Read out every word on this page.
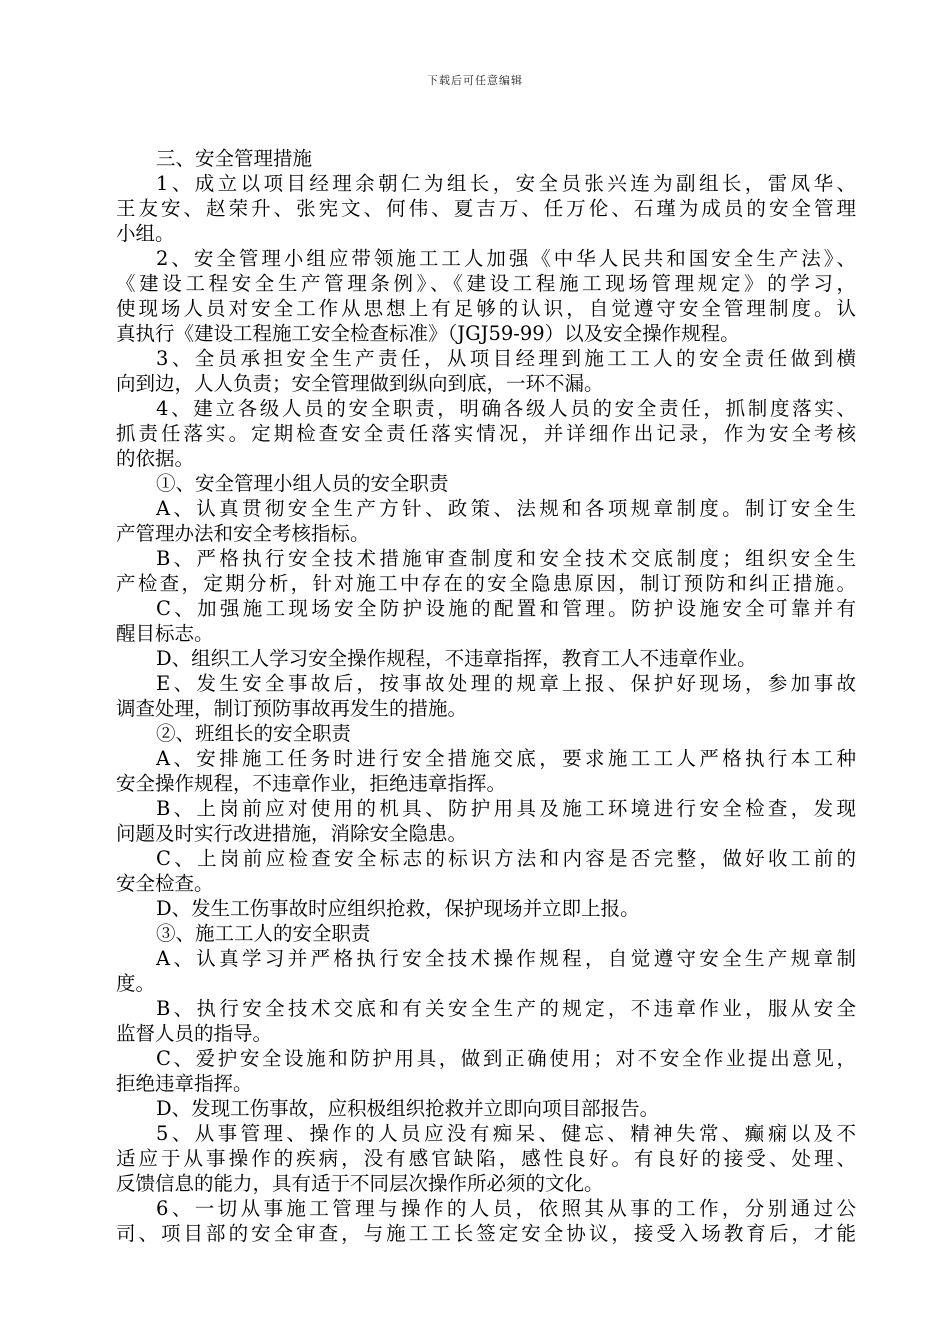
下载后可任意编辑
三、安全管理措施
1、成立以项目经理余朝仁为组长，安全员张兴连为副组长，雷凤华、
王友安、赵荣升、张宪文、何伟、夏吉万、任万伦、石瑾为成员的安全管理
小组。
2、安全管理小组应带领施工工人加强《中华人民共和国安全生产法》、
《建设工程安全生产管理条例》、《建设工程施工现场管理规定》的学习，
使现场人员对安全工作从思想上有足够的认识，自觉遵守安全管理制度。认
真执行《建设工程施工安全检查标准》（JGJ59-99）以及安全操作规程。
3、全员承担安全生产责任，从项目经理到施工工人的安全责任做到横
向到边，人人负责；安全管理做到纵向到底，一环不漏。
4、建立各级人员的安全职责，明确各级人员的安全责任，抓制度落实、
抓责任落实。定期检查安全责任落实情况，并详细作出记录，作为安全考核
的依据。
①、安全管理小组人员的安全职责
A、认真贯彻安全生产方针、政策、法规和各项规章制度。制订安全生
产管理办法和安全考核指标。
B、严格执行安全技术措施审查制度和安全技术交底制度；组织安全生
产检查，定期分析，针对施工中存在的安全隐患原因，制订预防和纠正措施。
C、加强施工现场安全防护设施的配置和管理。防护设施安全可靠并有
醒目标志。
D、组织工人学习安全操作规程，不违章指挥，教育工人不违章作业。
E、发生安全事故后，按事故处理的规章上报、保护好现场，参加事故
调查处理，制订预防事故再发生的措施。
②、班组长的安全职责
A、安排施工任务时进行安全措施交底，要求施工工人严格执行本工种
安全操作规程，不违章作业，拒绝违章指挥。
B、上岗前应对使用的机具、防护用具及施工环境进行安全检查，发现
问题及时实行改进措施，消除安全隐患。
C、上岗前应检查安全标志的标识方法和内容是否完整，做好收工前的
安全检查。
D、发生工伤事故时应组织抢救，保护现场并立即上报。
③、施工工人的安全职责
A、认真学习并严格执行安全技术操作规程，自觉遵守安全生产规章制
度。
B、执行安全技术交底和有关安全生产的规定，不违章作业，服从安全
监督人员的指导。
C、爱护安全设施和防护用具，做到正确使用；对不安全作业提出意见，
拒绝违章指挥。
D、发现工伤事故，应积极组织抢救并立即向项目部报告。
5、从事管理、操作的人员应没有痴呆、健忘、精神失常、癫痫以及不
适应于从事操作的疾病，没有感官缺陷，感性良好。有良好的接受、处理、
反馈信息的能力，具有适于不同层次操作所必须的文化。
6、一切从事施工管理与操作的人员，依照其从事的工作，分别通过公
司、项目部的安全审查，与施工工长签定安全协议，接受入场教育后，才能
